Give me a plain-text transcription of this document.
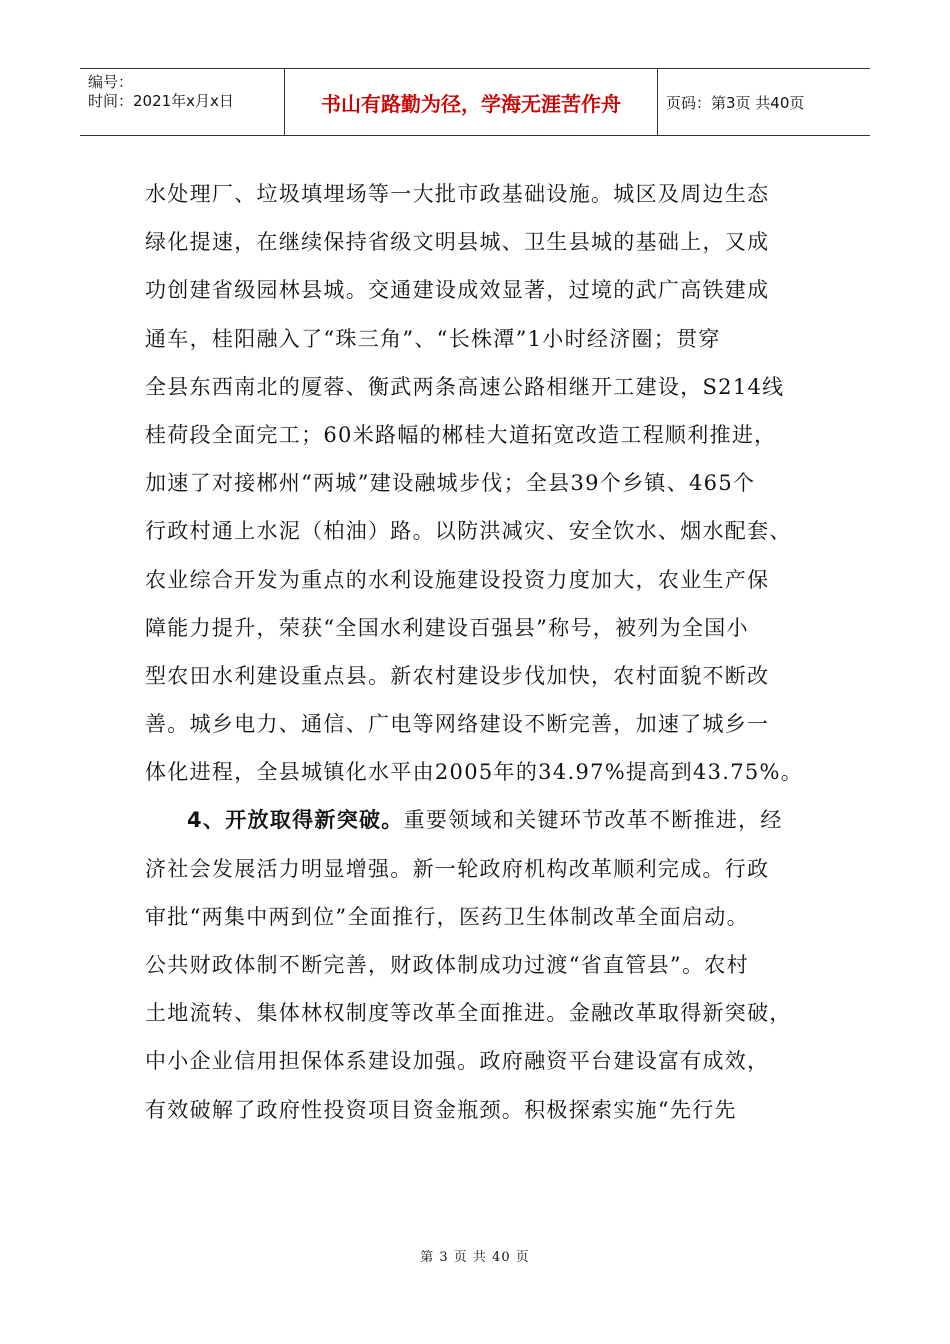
编号：
时间：2021年x月x日	书山有路勤为径，学海无涯苦作舟	页码：第3页 共40页
水处理厂、垃圾填埋场等一大批市政基础设施。城区及周边生态
绿化提速，在继续保持省级文明县城、卫生县城的基础上，又成
功创建省级园林县城。交通建设成效显著，过境的武广高铁建成
通车，桂阳融入了“珠三角”、“长株潭”1小时经济圈；贯穿
全县东西南北的厦蓉、衡武两条高速公路相继开工建设，S214线
桂荷段全面完工；60米路幅的郴桂大道拓宽改造工程顺利推进，
加速了对接郴州“两城”建设融城步伐；全县39个乡镇、465个
行政村通上水泥（柏油）路。以防洪减灾、安全饮水、烟水配套、
农业综合开发为重点的水利设施建设投资力度加大，农业生产保
障能力提升，荣获“全国水利建设百强县”称号，被列为全国小
型农田水利建设重点县。新农村建设步伐加快，农村面貌不断改
善。城乡电力、通信、广电等网络建设不断完善，加速了城乡一
体化进程，全县城镇化水平由2005年的34.97%提高到43.75%。
4、开放取得新突破。重要领域和关键环节改革不断推进，经
济社会发展活力明显增强。新一轮政府机构改革顺利完成。行政
审批“两集中两到位”全面推行，医药卫生体制改革全面启动。
公共财政体制不断完善，财政体制成功过渡“省直管县”。农村
土地流转、集体林权制度等改革全面推进。金融改革取得新突破，
中小企业信用担保体系建设加强。政府融资平台建设富有成效，
有效破解了政府性投资项目资金瓶颈。积极探索实施“先行先
第 3 页 共 40 页
